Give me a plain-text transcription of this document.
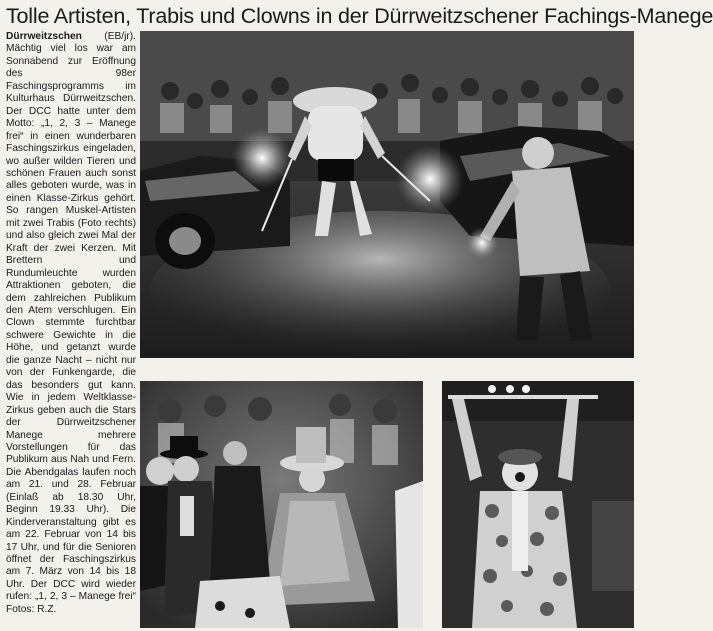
Tolle Artisten, Trabis und Clowns in der Dürrweitzschener Fachings-Manege
Dürrweitzschen (EB/jr). Mächtig viel los war am Sonnabend zur Eröffnung des 98er Faschingsprogramms im Kulturhaus Dürrweitzschen. Der DCC hatte unter dem Motto: „1, 2, 3 – Manege frei“ in einen wunderbaren Faschingszirkus eingeladen, wo außer wilden Tieren und schönen Frauen auch sonst alles geboten wurde, was in einen Klasse-Zirkus gehört. So rangen Muskel-Artisten mit zwei Trabis (Foto rechts) und also gleich zwei Mal der Kraft der zwei Kerzen. Mit Brettern und Rundumleuchte wurden Attraktionen geboten, die dem zahlreichen Publikum den Atem verschlugen. Ein Clown stemmte furchtbar schwere Gewichte in die Höhe, und getanzt wurde die ganze Nacht – nicht nur von der Funkengarde, die das besonders gut kann. Wie in jedem Weltklasse-Zirkus geben auch die Stars der Dürrweitzschener Manege mehrere Vorstellungen für das Publikum aus Nah und Fern. Die Abendgalas laufen noch am 21. und 28. Februar (Einlaß ab 18.30 Uhr, Beginn 19.33 Uhr). Die Kinderveranstaltung gibt es am 22. Februar von 14 bis 17 Uhr, und für die Senioren öffnet der Faschingszirkus am 7. März von 14 bis 18 Uhr. Der DCC wird wieder rufen: „1, 2, 3 – Manege frei“ Fotos: R.Z.
